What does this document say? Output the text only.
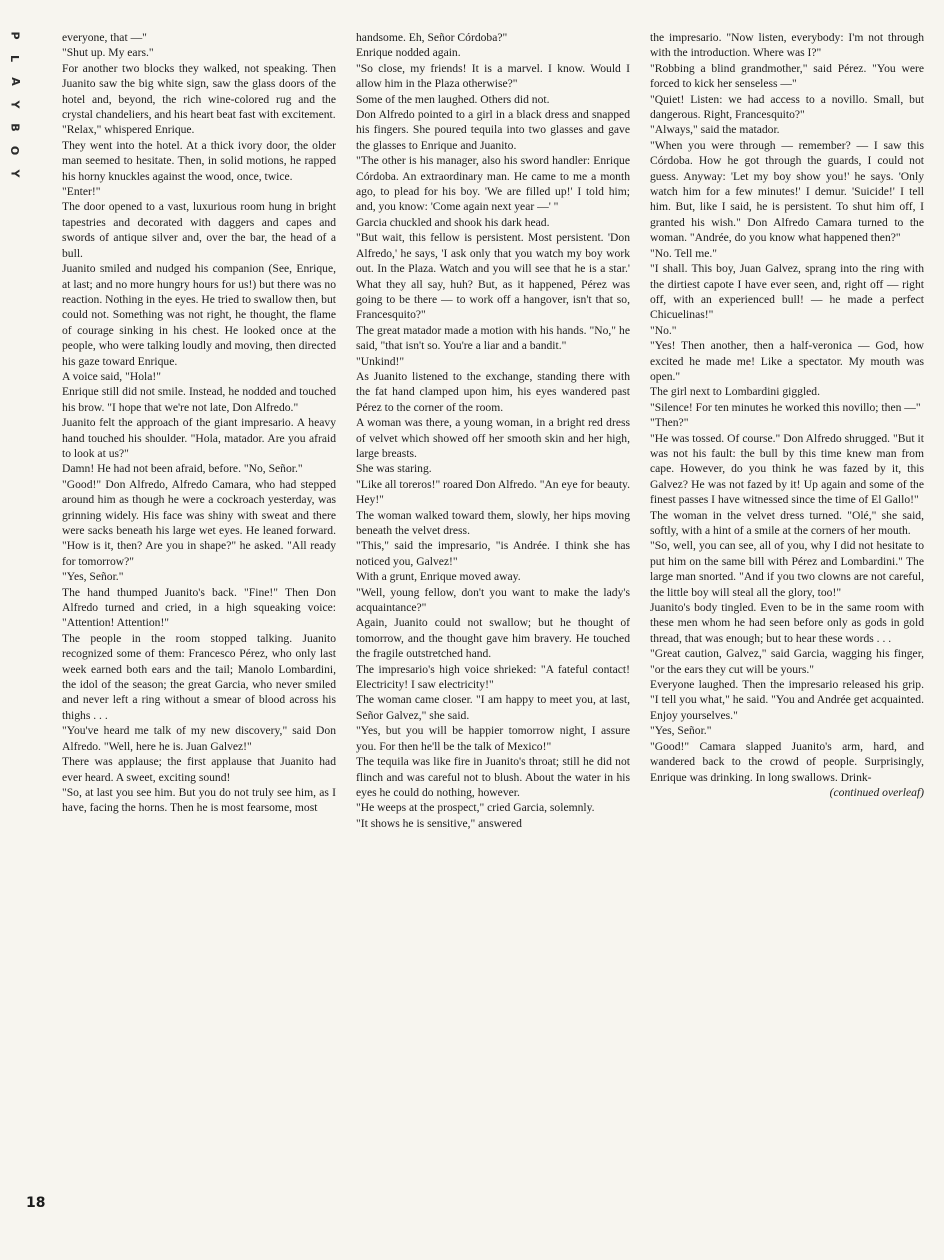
P
L
A
Y
B
O
Y
18

everyone, that —"

"Shut up. My ears."

For another two blocks they walked, not speaking. Then Juanito saw the big white sign, saw the glass doors of the hotel and, beyond, the rich wine-colored rug and the crystal chandeliers, and his heart beat fast with excitement.

"Relax," whispered Enrique.

They went into the hotel. At a thick ivory door, the older man seemed to hesitate. Then, in solid motions, he rapped his horny knuckles against the wood, once, twice.

"Enter!"

The door opened to a vast, luxurious room hung in bright tapestries and decorated with daggers and capes and swords of antique silver and, over the bar, the head of a bull.

Juanito smiled and nudged his companion (See, Enrique, at last; and no more hungry hours for us!) but there was no reaction. Nothing in the eyes. He tried to swallow then, but could not. Something was not right, he thought, the flame of courage sinking in his chest. He looked once at the people, who were talking loudly and moving, then directed his gaze toward Enrique.

A voice said, "Hola!"

Enrique still did not smile. Instead, he nodded and touched his brow. "I hope that we're not late, Don Alfredo."

Juanito felt the approach of the giant impresario. A heavy hand touched his shoulder. "Hola, matador. Are you afraid to look at us?"

Damn! He had not been afraid, before. "No, Señor."

"Good!" Don Alfredo, Alfredo Camara, who had stepped around him as though he were a cockroach yesterday, was grinning widely. His face was shiny with sweat and there were sacks beneath his large wet eyes. He leaned forward. "How is it, then? Are you in shape?" he asked. "All ready for tomorrow?"

"Yes, Señor."

The hand thumped Juanito's back. "Fine!" Then Don Alfredo turned and cried, in a high squeaking voice: "Attention! Attention!"

The people in the room stopped talking. Juanito recognized some of them: Francesco Pérez, who only last week earned both ears and the tail; Manolo Lombardini, the idol of the season; the great Garcia, who never smiled and never left a ring without a smear of blood across his thighs . . .

"You've heard me talk of my new discovery," said Don Alfredo. "Well, here he is. Juan Galvez!"

There was applause; the first applause that Juanito had ever heard. A sweet, exciting sound!

"So, at last you see him. But you do not truly see him, as I have, facing the horns. Then he is most fearsome, most

handsome. Eh, Señor Córdoba?"

Enrique nodded again.

"So close, my friends! It is a marvel. I know. Would I allow him in the Plaza otherwise?"

Some of the men laughed. Others did not.

Don Alfredo pointed to a girl in a black dress and snapped his fingers. She poured tequila into two glasses and gave the glasses to Enrique and Juanito.

"The other is his manager, also his sword handler: Enrique Córdoba. An extraordinary man. He came to me a month ago, to plead for his boy. 'We are filled up!' I told him; and, you know: 'Come again next year —' "

Garcia chuckled and shook his dark head.

"But wait, this fellow is persistent. Most persistent. 'Don Alfredo,' he says, 'I ask only that you watch my boy work out. In the Plaza. Watch and you will see that he is a star.' What they all say, huh? But, as it happened, Pérez was going to be there — to work off a hangover, isn't that so, Francesquito?"

The great matador made a motion with his hands. "No," he said, "that isn't so. You're a liar and a bandit."

"Unkind!"

As Juanito listened to the exchange, standing there with the fat hand clamped upon him, his eyes wandered past Pérez to the corner of the room.

A woman was there, a young woman, in a bright red dress of velvet which showed off her smooth skin and her high, large breasts.

She was staring.

"Like all toreros!" roared Don Alfredo. "An eye for beauty. Hey!"

The woman walked toward them, slowly, her hips moving beneath the velvet dress.

"This," said the impresario, "is Andrée. I think she has noticed you, Galvez!"

With a grunt, Enrique moved away.

"Well, young fellow, don't you want to make the lady's acquaintance?"

Again, Juanito could not swallow; but he thought of tomorrow, and the thought gave him bravery. He touched the fragile outstretched hand.

The impresario's high voice shrieked: "A fateful contact! Electricity! I saw electricity!"

The woman came closer. "I am happy to meet you, at last, Señor Galvez," she said.

"Yes, but you will be happier tomorrow night, I assure you. For then he'll be the talk of Mexico!"

The tequila was like fire in Juanito's throat; still he did not flinch and was careful not to blush. About the water in his eyes he could do nothing, however.

"He weeps at the prospect," cried Garcia, solemnly.

"It shows he is sensitive," answered

the impresario. "Now listen, everybody: I'm not through with the introduction. Where was I?"

"Robbing a blind grandmother," said Pérez. "You were forced to kick her senseless —"

"Quiet! Listen: we had access to a novillo. Small, but dangerous. Right, Francesquito?"

"Always," said the matador.

"When you were through — remember? — I saw this Córdoba. How he got through the guards, I could not guess. Anyway: 'Let my boy show you!' he says. 'Only watch him for a few minutes!' I demur. 'Suicide!' I tell him. But, like I said, he is persistent. To shut him off, I granted his wish." Don Alfredo Camara turned to the woman. "Andrée, do you know what happened then?"

"No. Tell me."

"I shall. This boy, Juan Galvez, sprang into the ring with the dirtiest capote I have ever seen, and, right off — right off, with an experienced bull! — he made a perfect Chicuelinas!"

"No."

"Yes! Then another, then a half-veronica — God, how excited he made me! Like a spectator. My mouth was open."

The girl next to Lombardini giggled.

"Silence! For ten minutes he worked this novillo; then —"

"Then?"

"He was tossed. Of course." Don Alfredo shrugged. "But it was not his fault: the bull by this time knew man from cape. However, do you think he was fazed by it, this Galvez? He was not fazed by it! Up again and some of the finest passes I have witnessed since the time of El Gallo!"

The woman in the velvet dress turned. "Olé," she said, softly, with a hint of a smile at the corners of her mouth.

"So, well, you can see, all of you, why I did not hesitate to put him on the same bill with Pérez and Lombardini." The large man snorted. "And if you two clowns are not careful, the little boy will steal all the glory, too!"

Juanito's body tingled. Even to be in the same room with these men whom he had seen before only as gods in gold thread, that was enough; but to hear these words . . .

"Great caution, Galvez," said Garcia, wagging his finger, "or the ears they cut will be yours."

Everyone laughed. Then the impresario released his grip. "I tell you what," he said. "You and Andrée get acquainted. Enjoy yourselves."

"Yes, Señor."

"Good!" Camara slapped Juanito's arm, hard, and wandered back to the crowd of people. Surprisingly, Enrique was drinking. In long swallows. Drink-

(continued overleaf)
